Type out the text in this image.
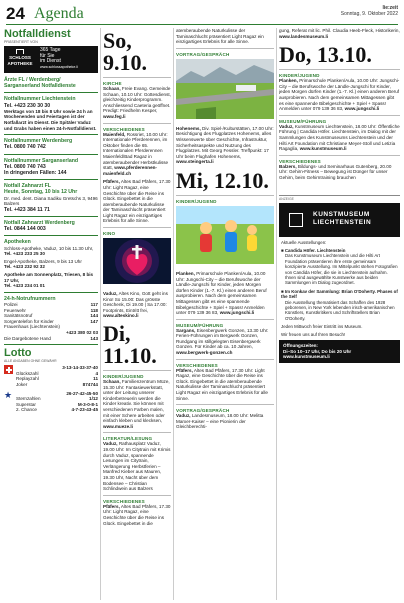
24 Agenda	lie:zeit
Sonntag, 9. Oktober 2022
Notfalldienst
PRÄSENTIERT VON
SCHLOSS
APOTHEKE
365 Tage
für Sie
im Dienst
www.schlossapotheke.li
Ärzte FL / Werdenberg/ Sarganserland Notfalldienste
Notfallnummer Liechtenstein
Tel. +423 230 30 30
Werktags von 18 bis 8 Uhr sowie 24 h an Wochenenden und Feiertagen ist der Notfallarzt im Dienst. Die Spitäler Vaduz und Grabs haben einen 24-h-Notfalldienst.
Notfallnummer Werdenberg
Tel. 0800 740 742
Notfallnummer Sarganserland
Tel. 0800 740 743
In dringenden Fällen: 144
Notfall Zahnarzt FL
Heute, Sonntag, 10 bis 12 Uhr
Dr. med. dent. Diana Sadiku Gretschs 3, 9496 Balzers
Tel. +423 384 11 71
Notfall Zahnarzt Werdenberg
Tel. 0844 144 003
Apotheken
Schloss-Apotheke, Vaduz, 10 bis 11.30 Uhr,
Tel. +423 233 25 30
Engel-Apotheke, Balzers, 9 bis 13 Uhr
Tel. +423 232 92 32
Apotheke am Sonnenplatz, Triesen, 8 bis 17 Uhr,
Tel. +423 234 01 01
24-h-Notrufnummern
Polizei	117
Feuerwehr	118
Sanitätsnotruf	144
Sorgentelefon für Kinder	147
Frauenhaus (Liechtenstein)
+423 380 02 03
Die Dargebotene Hand	143
Lotto
ALLE ANGABEN OHNE GEWÄHR
3-13-14-33-37-40
Glückszahl	4
Replayzahl	11
Joker	874744
★	26-27-42-45-50
Sternzahlen	1/12
Superstar	M-3-0-8-1
2. Chance	4-7-23-43-45
So, 9.10.
KIRCHE
Schaan, Freie Evang. Gemeinde Schaan, 10.10 Uhr: Gottesdienst, gleichzeitig Kinderprogramm. Anschliessend Caeteria geöffnet. Predigt: Friedhelm Kesper, www.feg.li
VERSCHIEDENES
Maienfeld, Rossriet, 10.00 Uhr: Internationale Pferderennen, im Oktober finden die 65. Internationalen Pferderennen Maienfeld/Bad Ragaz in atemberaubender Herbstkulisse statt, www.pferderennen-maienfeld.ch
Pfäfers, Altes Bad Pfäfers, 17.30 Uhr: Light Ragaz, eine Geschichte über die Reise ins Glück. Eingebettet in die atemberaubende Naturkulisse der Taminaschlucht präsentiert Light Ragaz ein einzigartiges Erlebnis für alle Sinne.
KINO
Vaduz, Altes Kino, Gott geht ins Kino! So 15.00: Das grösste Geschenk, Di 19.00 | Sa 17.00: Footprints, Eintritt frei, www.alteskino.li
Di, 11.10.
KINDER/JUGEND
Schaan, Familienzentrum Müze, 15.30 Uhr: Fantasiewerkstatt, unter der Leitung unserer Kinderbetreuerin werden die Kinder kreativ. Sie können mit verschiedenen Farben malen, mit einer Schere arbeiten oder einfach kleben und klecksen, www.mueze.li
LITERATUR/LESUNG
Vaduz, Rathausplatz Vaduz, 19.00 Uhr: Im Citytrain mit Krimis durch Vaduz, spannende Lesungen im Citytrain, Verlängerung Herbstferien – Manfred Kieber aus Mauren, 19.30 Uhr, Nacht über dem Bodensee – Christian Schlindwein aus Balzers
VERSCHIEDENES
Pfäfers, Altes Bad Pfäfers, 17.30 Uhr: Light Ragaz, eine Geschichte über die Reise ins Glück. Eingebettet in die
atemberaubende Naturkulisse der Taminaschlucht präsentiert Light Ragaz ein einzigartiges Erlebnis für alle Sinne.
VORTRAG/GESPRÄCH
Hohenems, Div. Spiel-/Kulturstätten, 17.00 Uhr: Besichtigung des Flugplatzes Hohenems, alles Wissenswerte über Geschichte, Infrastruktur, Sicherheitsaspekte und Nutzung des Flugplatzes. Mit Georg Fessler. Treffpunkt: 17 Uhr beim Flughafen Hohenems, www.steingerta.li
Mi, 12.10.
KINDER/JUGEND
Planken, Primarschule Planken/Aula, 10.00 Uhr: Jungschi-City – die Berufswoche der Ländle-Jungschi für Kinder, jeden Morgen dürfen Kinder (1.-7. Kl.) einen anderen Beruf ausprobieren. Nach dem gemeinsamen Mittagessen gibt es eine spannende Bibelgeschichte + Spiel + Spass! Anmelden unter 079 139 36 83, www.jungschi.li
MUSEUM/FÜHRUNG
Sargans, Eisenbergwerk Gonzen, 13.30 Uhr: Ferien-Führungen im Bergwerk Gonzen, Rundgang im stillgelegten Eisenbergwerk Gonzen. Für Kinder ab ca. 10 Jahren, www.bergwerk-gonzen.ch
VERSCHIEDENES
Pfäfers, Altes Bad Pfäfers, 17.30 Uhr: Light Ragaz, eine Geschichte über die Reise ins Glück. Eingebettet in die atemberaubende Naturkulisse der Taminaschlucht präsentiert Light Ragaz ein einzigartiges Erlebnis für alle Sinne.
VORTRAG/GESPRÄCH
Vaduz, Landesmuseum, 18.00 Uhr: Melitta Marxer-Kaiser – eine Pionierin der Gleichberechti-
gung, Referat mit lic. Phil. Claudia Heeb-Fleck, Historikerin, www.landesmuseum.li
Do, 13.10.
KINDER/JUGEND
Planken, Primarschule Planken/Aula, 10.00 Uhr: Jungschi-City – die Berufswoche der Ländle-Jungschi für Kinder, jeden Morgen dürfen Kinder (1.-7. Kl.) einen anderen Beruf ausprobieren. Nach dem gemeinsamen Mittagessen gibt es eine spannende Bibelgeschichte + Spiel + Spass! Anmelden unter 079 139 36 83, www.jungschi.li
MUSEUM/FÜHRUNG
Vaduz, Kunstmuseum Liechtenstein, 18.00 Uhr: Öffentliche Führung | Candida Höfer. Liechtenstein, im Dialog mit der Sammlungen des Kunstmuseums Liechtenstein und der Hilti Art Foundation mit Christiane Meyer-Stoll und Letizia Ragaglia, www.kunstmuseum.li
VERSCHIEDENES
Balzers, Bildungs- und Seminarhaus Gutenberg, 20.00 Uhr: Gehirn-Fitness – Bewegung ist Dünger für unser Gehirn, beim Gehirntraining brauchen
ANZEIGE
KUNSTMUSEUM
LIECHTENSTEIN
Aktuelle Ausstellungen:
■ Candida Höfer. Liechtenstein
Das Kunstmuseum Liechtenstein und die Hilti Art Foundation präsentieren ihre erste gemeinsam konzipierte Ausstellung. Im Mittelpunkt stehen Fotografien von Candida Höfer, die sie in Liechtenstein aufnahm. Ihnen sind ausgewählte Kunstwerke aus beiden Sammlungen im Dialog zugeordnet.
■ Im Konkav der Sammlung: Brian O'Doherty. Phases of the Self
Die Ausstellung thematisiert das Schaffen des 1928 geborenen, in New York lebenden irisch-amerikanischen Künstlers, Kunstkritikers und Schriftstellers Brian O'Doherty.
Jeden Mittwoch freier Eintritt ins Museum.
Wir freuen uns auf Ihren Besuch!
Öffnungszeiten:
Di–So 10–17 Uhr, Do bis 20 Uhr
www.kunstmuseum.li
